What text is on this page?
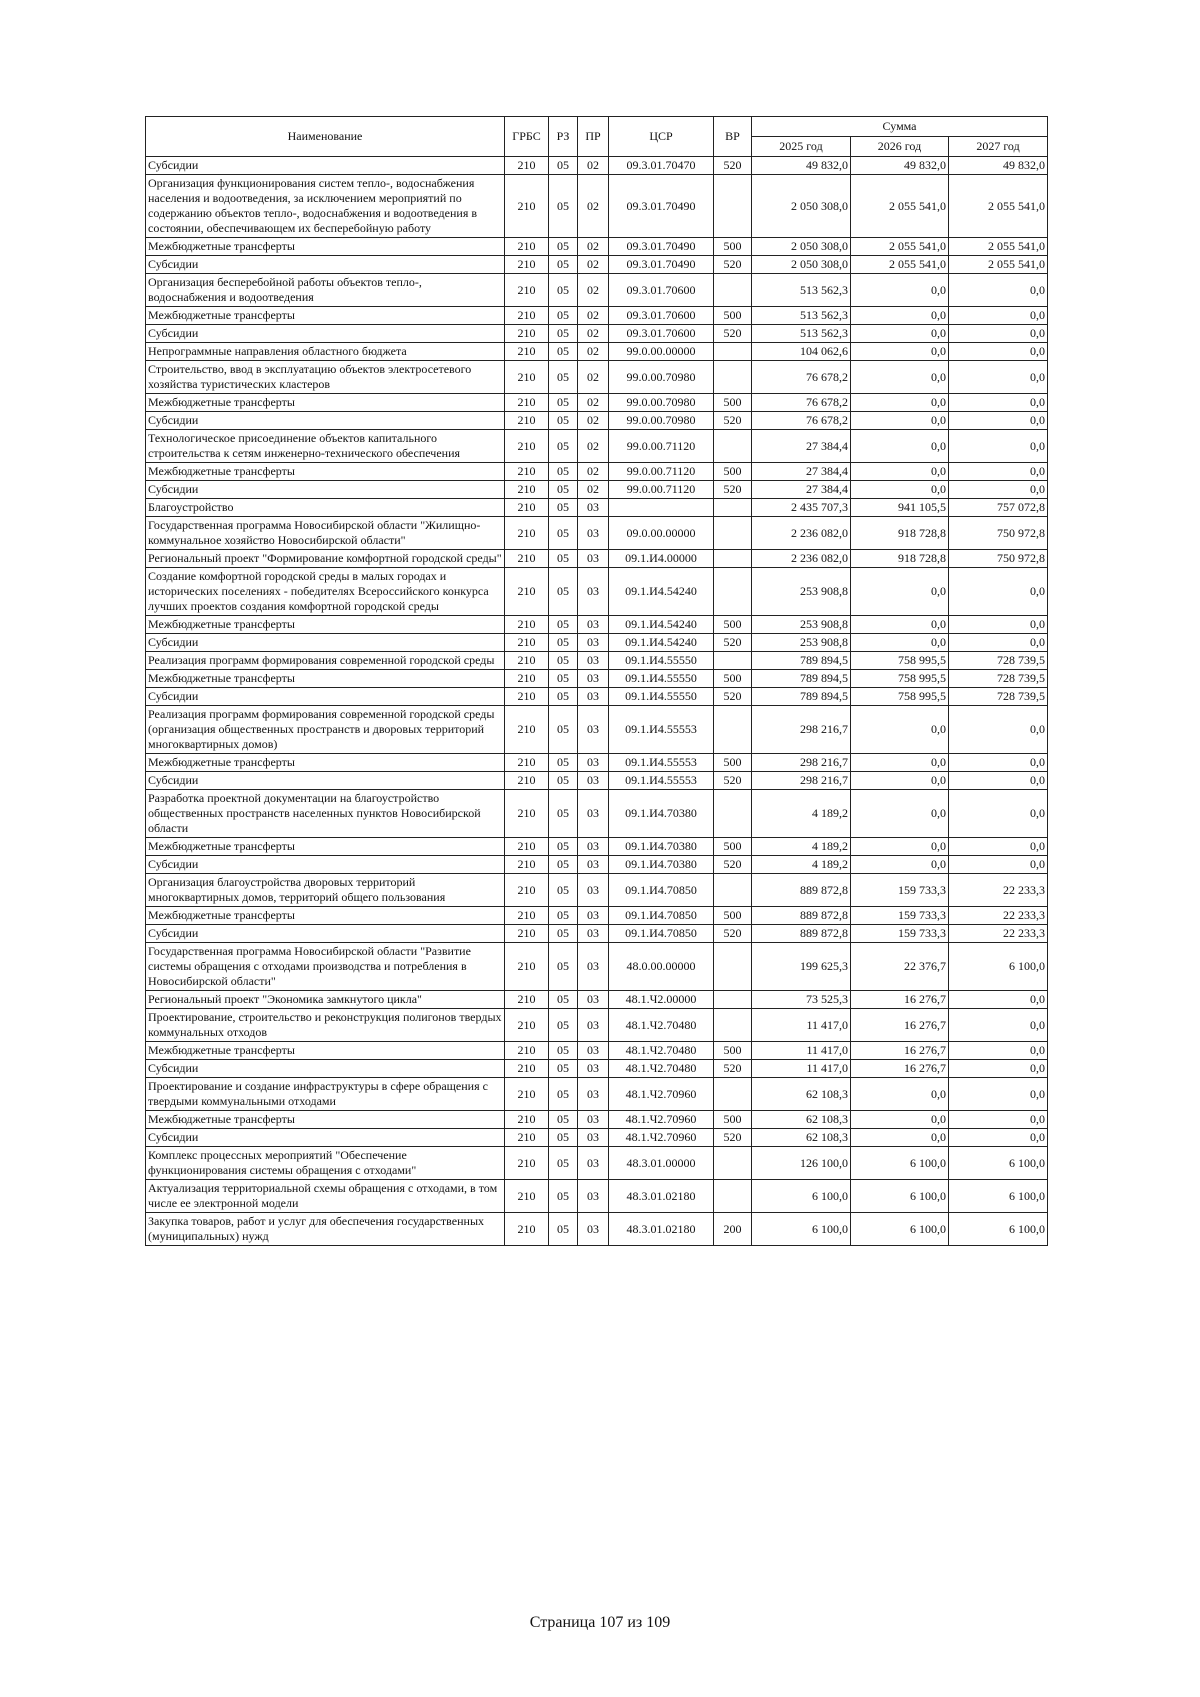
Наименование	ГРБС	РЗ	ПР	ЦСР	ВР	Сумма		
						2025 год	2026 год	2027 год
Субсидии	210	05	02	09.3.01.70470	520	49 832,0	49 832,0	49 832,0
Организация функционирования систем тепло-, водоснабжения населения и водоотведения, за исключением мероприятий по содержанию объектов тепло-, водоснабжения и водоотведения в состоянии, обеспечивающем их бесперебойную работу	210	05	02	09.3.01.70490		2 050 308,0	2 055 541,0	2 055 541,0
Межбюджетные трансферты	210	05	02	09.3.01.70490	500	2 050 308,0	2 055 541,0	2 055 541,0
Субсидии	210	05	02	09.3.01.70490	520	2 050 308,0	2 055 541,0	2 055 541,0
Организация бесперебойной работы объектов тепло-, водоснабжения и водоотведения	210	05	02	09.3.01.70600		513 562,3	0,0	0,0
Межбюджетные трансферты	210	05	02	09.3.01.70600	500	513 562,3	0,0	0,0
Субсидии	210	05	02	09.3.01.70600	520	513 562,3	0,0	0,0
Непрограммные направления областного бюджета	210	05	02	99.0.00.00000		104 062,6	0,0	0,0
Строительство, ввод в эксплуатацию объектов электросетевого хозяйства туристических кластеров	210	05	02	99.0.00.70980		76 678,2	0,0	0,0
Межбюджетные трансферты	210	05	02	99.0.00.70980	500	76 678,2	0,0	0,0
Субсидии	210	05	02	99.0.00.70980	520	76 678,2	0,0	0,0
Технологическое присоединение объектов капитального строительства к сетям инженерно-технического обеспечения	210	05	02	99.0.00.71120		27 384,4	0,0	0,0
Межбюджетные трансферты	210	05	02	99.0.00.71120	500	27 384,4	0,0	0,0
Субсидии	210	05	02	99.0.00.71120	520	27 384,4	0,0	0,0
Благоустройство	210	05	03			2 435 707,3	941 105,5	757 072,8
Государственная программа Новосибирской области "Жилищно-коммунальное хозяйство Новосибирской области"	210	05	03	09.0.00.00000		2 236 082,0	918 728,8	750 972,8
Региональный проект "Формирование комфортной городской среды"	210	05	03	09.1.И4.00000		2 236 082,0	918 728,8	750 972,8
Создание комфортной городской среды в малых городах и исторических поселениях - победителях Всероссийского конкурса лучших проектов создания комфортной городской среды	210	05	03	09.1.И4.54240		253 908,8	0,0	0,0
Межбюджетные трансферты	210	05	03	09.1.И4.54240	500	253 908,8	0,0	0,0
Субсидии	210	05	03	09.1.И4.54240	520	253 908,8	0,0	0,0
Реализация программ формирования современной городской среды	210	05	03	09.1.И4.55550		789 894,5	758 995,5	728 739,5
Межбюджетные трансферты	210	05	03	09.1.И4.55550	500	789 894,5	758 995,5	728 739,5
Субсидии	210	05	03	09.1.И4.55550	520	789 894,5	758 995,5	728 739,5
Реализация программ формирования современной городской среды (организация общественных пространств и дворовых территорий многоквартирных домов)	210	05	03	09.1.И4.55553		298 216,7	0,0	0,0
Межбюджетные трансферты	210	05	03	09.1.И4.55553	500	298 216,7	0,0	0,0
Субсидии	210	05	03	09.1.И4.55553	520	298 216,7	0,0	0,0
Разработка проектной документации на благоустройство общественных пространств населенных пунктов Новосибирской области	210	05	03	09.1.И4.70380		4 189,2	0,0	0,0
Межбюджетные трансферты	210	05	03	09.1.И4.70380	500	4 189,2	0,0	0,0
Субсидии	210	05	03	09.1.И4.70380	520	4 189,2	0,0	0,0
Организация благоустройства дворовых территорий многоквартирных домов, территорий общего пользования	210	05	03	09.1.И4.70850		889 872,8	159 733,3	22 233,3
Межбюджетные трансферты	210	05	03	09.1.И4.70850	500	889 872,8	159 733,3	22 233,3
Субсидии	210	05	03	09.1.И4.70850	520	889 872,8	159 733,3	22 233,3
Государственная программа Новосибирской области "Развитие системы обращения с отходами производства и потребления в Новосибирской области"	210	05	03	48.0.00.00000		199 625,3	22 376,7	6 100,0
Региональный проект "Экономика замкнутого цикла"	210	05	03	48.1.Ч2.00000		73 525,3	16 276,7	0,0
Проектирование, строительство и реконструкция полигонов твердых коммунальных отходов	210	05	03	48.1.Ч2.70480		11 417,0	16 276,7	0,0
Межбюджетные трансферты	210	05	03	48.1.Ч2.70480	500	11 417,0	16 276,7	0,0
Субсидии	210	05	03	48.1.Ч2.70480	520	11 417,0	16 276,7	0,0
Проектирование и создание инфраструктуры в сфере обращения с твердыми коммунальными отходами	210	05	03	48.1.Ч2.70960		62 108,3	0,0	0,0
Межбюджетные трансферты	210	05	03	48.1.Ч2.70960	500	62 108,3	0,0	0,0
Субсидии	210	05	03	48.1.Ч2.70960	520	62 108,3	0,0	0,0
Комплекс процессных мероприятий "Обеспечение функционирования системы обращения с отходами"	210	05	03	48.3.01.00000		126 100,0	6 100,0	6 100,0
Актуализация территориальной схемы обращения с отходами, в том числе ее электронной модели	210	05	03	48.3.01.02180		6 100,0	6 100,0	6 100,0
Закупка товаров, работ и услуг для обеспечения государственных (муниципальных) нужд	210	05	03	48.3.01.02180	200	6 100,0	6 100,0	6 100,0
Страница 107 из 109
